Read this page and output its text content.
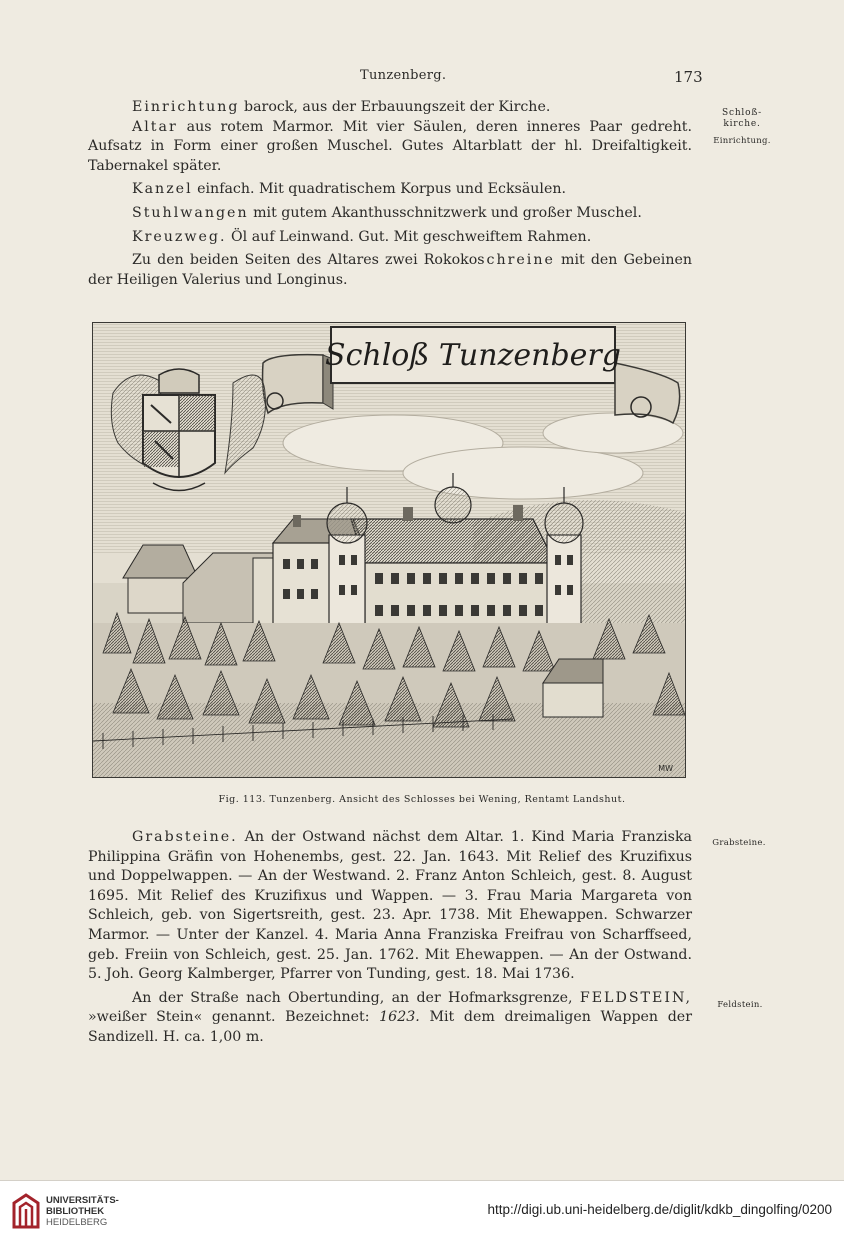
Tunzenberg.	173

Einrichtung barock, aus der Erbauungszeit der Kirche.

Altar aus rotem Marmor. Mit vier Säulen, deren inneres Paar gedreht. Aufsatz in Form einer großen Muschel. Gutes Altarblatt der hl. Dreifaltigkeit. Tabernakel später.

Kanzel einfach. Mit quadratischem Korpus und Ecksäulen.

Stuhlwangen mit gutem Akanthusschnitzwerk und großer Muschel.

Kreuzweg. Öl auf Leinwand. Gut. Mit geschweiftem Rahmen.

Zu den beiden Seiten des Altares zwei Rokokoschreine mit den Gebeinen der Heiligen Valerius und Longinus.

Schloß-
kirche.
Einrichtung.
Schloß Tunzenberg
MW
Fig. 113. Tunzenberg. Ansicht des Schlosses bei Wening, Rentamt Landshut.

Grabsteine. An der Ostwand nächst dem Altar. 1. Kind Maria Franziska Philippina Gräfin von Hohenembs, gest. 22. Jan. 1643. Mit Relief des Kruzifixus und Doppelwappen. — An der Westwand. 2. Franz Anton Schleich, gest. 8. August 1695. Mit Relief des Kruzifixus und Wappen. — 3. Frau Maria Margareta von Schleich, geb. von Sigertsreith, gest. 23. Apr. 1738. Mit Ehewappen. Schwarzer Marmor. — Unter der Kanzel. 4. Maria Anna Franziska Freifrau von Scharffseed, geb. Freiin von Schleich, gest. 25. Jan. 1762. Mit Ehewappen. — An der Ostwand. 5. Joh. Georg Kalmberger, Pfarrer von Tunding, gest. 18. Mai 1736.

An der Straße nach Obertunding, an der Hofmarksgrenze, FELDSTEIN, »weißer Stein« genannt. Bezeichnet: 1623. Mit dem dreimaligen Wappen der Sandizell. H. ca. 1,00 m.

Grabsteine.
Feldstein.
UNIVERSITÄTS-
BIBLIOTHEK
HEIDELBERG
http://digi.ub.uni-heidelberg.de/diglit/kdkb_dingolfing/0200
